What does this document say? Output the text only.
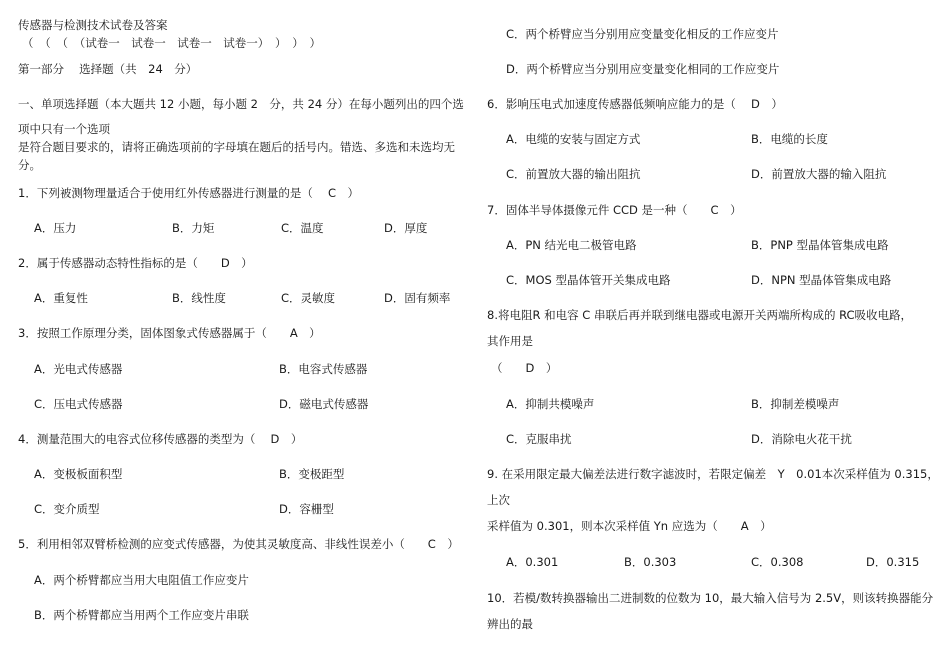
传感器与检测技术试卷及答案
（　（　（　（试卷一　试卷一　试卷一　试卷一）　）　）　）
第一部分　 选择题（共　24　分）
一、单项选择题（本大题共 12 小题，每小题 2　分，共 24 分）在每小题列出的四个选
项中只有一个选项
是符合题目要求的，请将正确选项前的字母填在题后的括号内。错选、多选和未选均无
分。
1．下列被测物理量适合于使用红外传感器进行测量的是（　 C　）
A．压力	B．力矩	C．温度	D．厚度
2．属于传感器动态特性指标的是（　　D　）
A．重复性	B．线性度	C．灵敏度	D．固有频率
3．按照工作原理分类，固体图象式传感器属于（　　A　）
A．光电式传感器	B．电容式传感器
C．压电式传感器	D．磁电式传感器
4．测量范围大的电容式位移传感器的类型为（　 D　）
A．变极板面积型	B．变极距型
C．变介质型	D．容栅型
5．利用相邻双臂桥检测的应变式传感器，为使其灵敏度高、非线性误差小（　　C　）
A．两个桥臂都应当用大电阻值工作应变片
B．两个桥臂都应当用两个工作应变片串联
C．两个桥臂应当分别用应变量变化相反的工作应变片
D．两个桥臂应当分别用应变量变化相同的工作应变片
6．影响压电式加速度传感器低频响应能力的是（　 D　）
A．电缆的安装与固定方式	B．电缆的长度
C．前置放大器的输出阻抗	D．前置放大器的输入阻抗
7．固体半导体摄像元件 CCD 是一种（　　C　）
A．PN 结光电二极管电路	B．PNP 型晶体管集成电路
C．MOS 型晶体管开关集成电路	D．NPN 型晶体管集成电路
8.将电阻R 和电容 C 串联后再并联到继电器或电源开关两端所构成的 RC吸收电路，
其作用是
（　　D　）
A．抑制共模噪声	B．抑制差模噪声
C．克服串扰	D．消除电火花干扰
9. 在采用限定最大偏差法进行数字滤波时，若限定偏差　Y　0.01本次采样值为 0.315，
上次
采样值为 0.301，则本次采样值 Yn 应选为（　　A　）
A．0.301	B．0.303	C．0.308	D．0.315
10．若模/数转换器输出二进制数的位数为 10，最大输入信号为 2.5V，则该转换器能分
辨出的最
